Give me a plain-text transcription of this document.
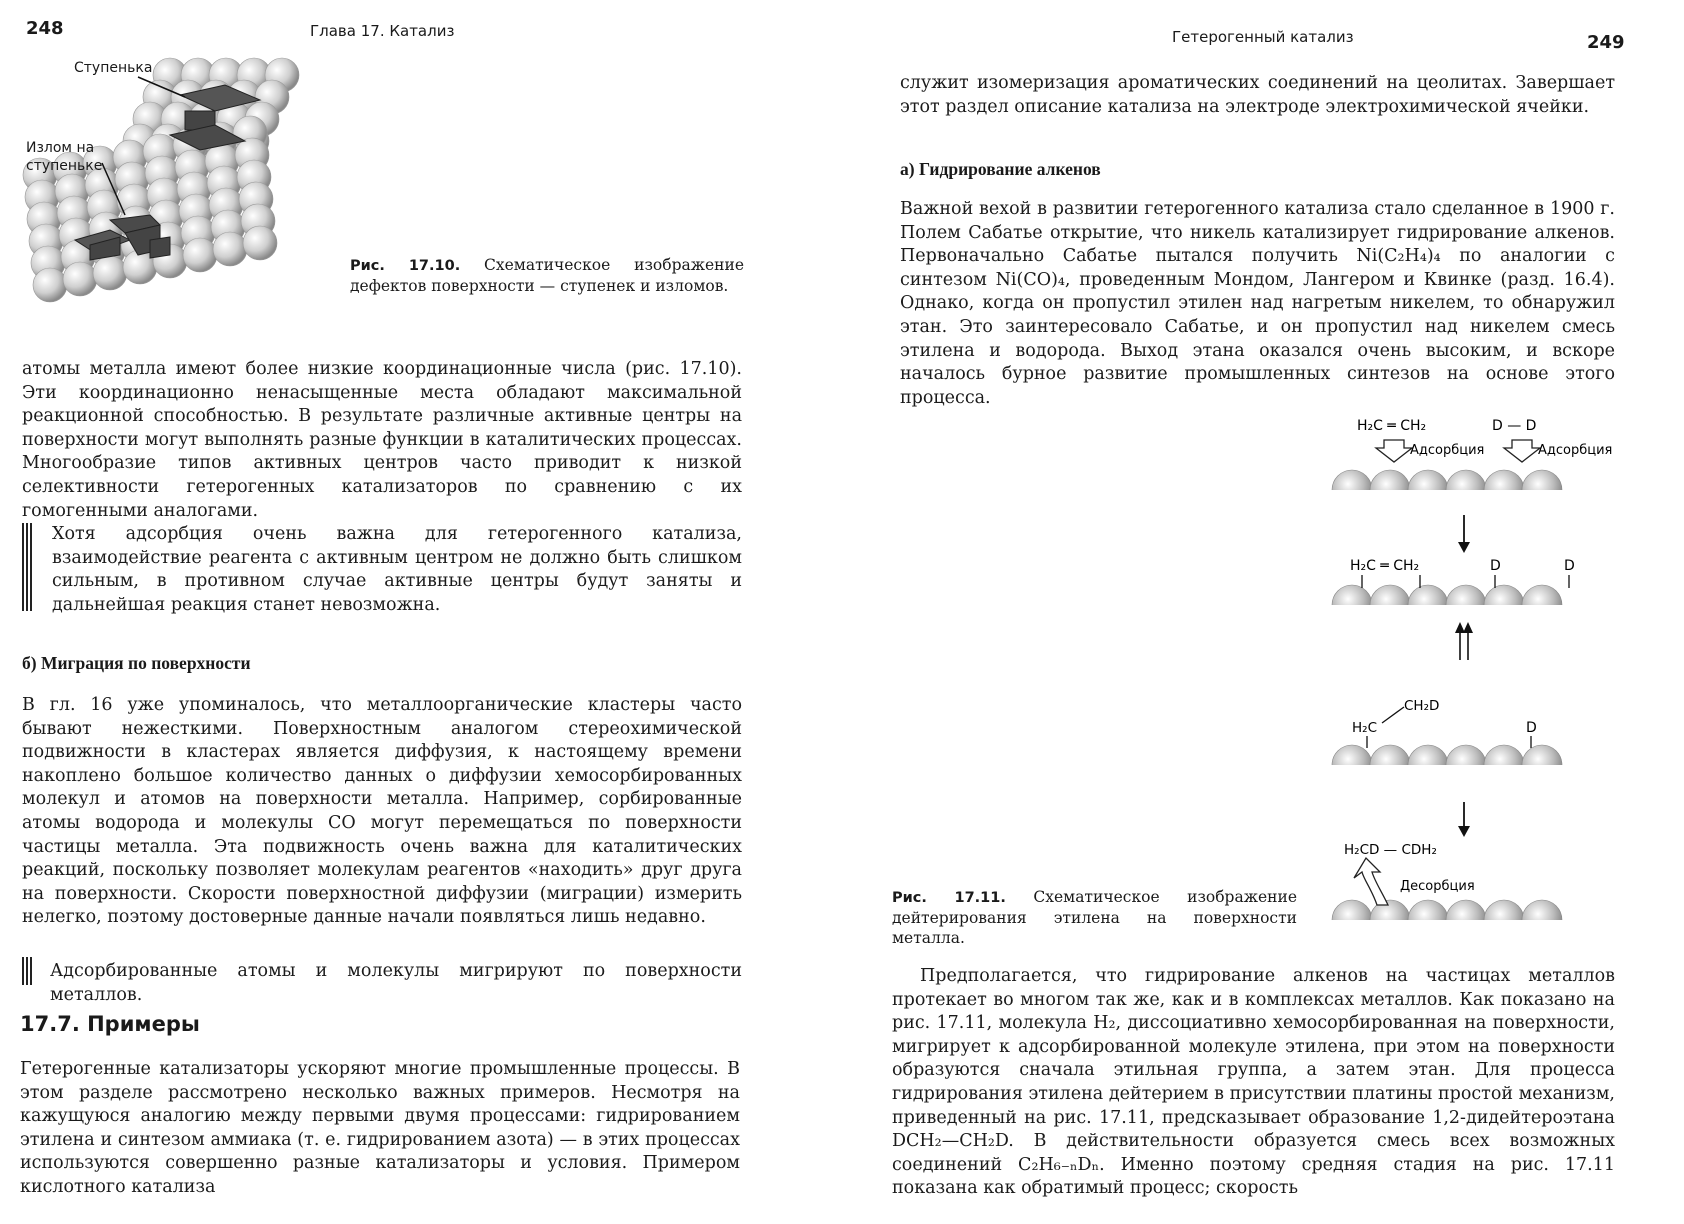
248	Глава 17. Катализ
Ступенька
Излом на
ступеньке
Рис. 17.10. Схематическое изображение дефектов поверхности — ступенек и изломов.

атомы металла имеют более низкие координационные числа (рис. 17.10). Эти координационно ненасыщенные места обладают максимальной реакционной способностью. В результате различные активные центры на поверхности могут выполнять разные функции в каталитических процессах. Многообразие типов активных центров часто приводит к низкой селективности гетерогенных катализаторов по сравнению с их гомогенными аналогами.

Хотя адсорбция очень важна для гетерогенного катализа, взаимодействие реагента с активным центром не должно быть слишком сильным, в противном случае активные центры будут заняты и дальнейшая реакция станет невозможна.

б) Миграция по поверхности

В гл. 16 уже упоминалось, что металлоорганические кластеры часто бывают нежесткими. Поверхностным аналогом стереохимической подвижности в кластерах является диффузия, к настоящему времени накоплено большое количество данных о диффузии хемосорбированных молекул и атомов на поверхности металла. Например, сорбированные атомы водорода и молекулы СО могут перемещаться по поверхности частицы металла. Эта подвижность очень важна для каталитических реакций, поскольку позволяет молекулам реагентов «находить» друг друга на поверхности. Скорости поверхностной диффузии (миграции) измерить нелегко, поэтому достоверные данные начали появляться лишь недавно.

Адсорбированные атомы и молекулы мигрируют по поверхности металлов.

17.7. Примеры

Гетерогенные катализаторы ускоряют многие промышленные процессы. В этом разделе рассмотрено несколько важных примеров. Несмотря на кажущуюся аналогию между первыми двумя процессами: гидрированием этилена и синтезом аммиака (т. е. гидрированием азота) — в этих процессах используются совершенно разные катализаторы и условия. Примером кислотного катализа

Гетерогенный катализ	249

служит изомеризация ароматических соединений на цеолитах. Завершает этот раздел описание катализа на электроде электрохимической ячейки.

а) Гидрирование алкенов

Важной вехой в развитии гетерогенного катализа стало сделанное в 1900 г. Полем Сабатье открытие, что никель катализирует гидрирование алкенов. Первоначально Сабатье пытался получить Ni(C₂H₄)₄ по аналогии с синтезом Ni(CO)₄, проведенным Мондом, Лангером и Квинке (разд. 16.4). Однако, когда он пропустил этилен над нагретым никелем, то обнаружил этан. Это заинтересовало Сабатье, и он пропустил над никелем смесь этилена и водорода. Выход этана оказался очень высоким, и вскоре началось бурное развитие промышленных синтезов на основе этого процесса.

H₂C ═ CH₂	D — D
Адсорбция	Адсорбция
H₂C ═ CH₂	D	D
CH₂D
H₂C	D
H₂CD — CDH₂
Десорбция
Рис. 17.11. Схематическое изображение дейтерирования этилена на поверхности металла.

Предполагается, что гидрирование алкенов на частицах металлов протекает во многом так же, как и в комплексах металлов. Как показано на рис. 17.11, молекула H₂, диссоциативно хемосорбированная на поверхности, мигрирует к адсорбированной молекуле этилена, при этом на поверхности образуются сначала этильная группа, а затем этан. Для процесса гидрирования этилена дейтерием в присутствии платины простой механизм, приведенный на рис. 17.11, предсказывает образование 1,2-дидейтероэтана DCH₂—CH₂D. В действительности образуется смесь всех возможных соединений C₂H₆₋ₙDₙ. Именно поэтому средняя стадия на рис. 17.11 показана как обратимый процесс; скорость
